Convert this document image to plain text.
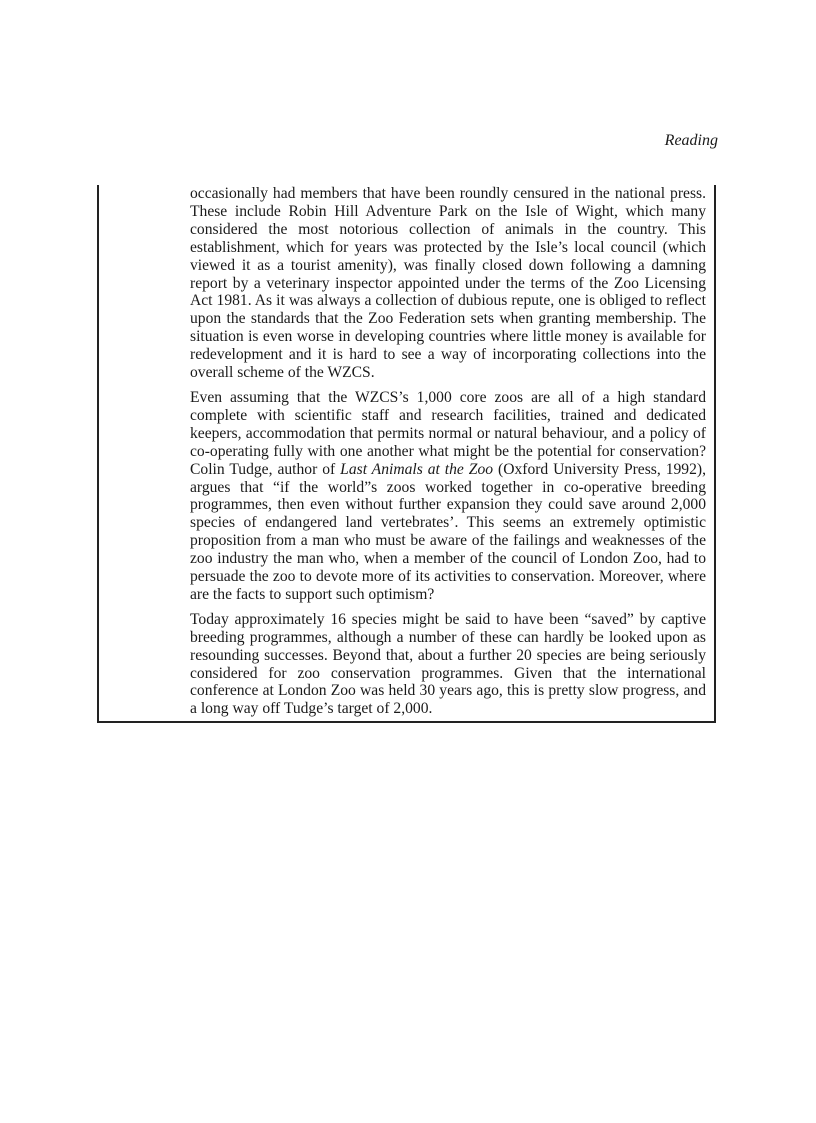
Reading

occasionally had members that have been roundly censured in the national press. These include Robin Hill Adventure Park on the Isle of Wight, which many considered the most notorious collection of animals in the country. This establishment, which for years was protected by the Isle’s local council (which viewed it as a tourist amenity), was finally closed down following a damning report by a veterinary inspector appointed under the terms of the Zoo Licensing Act 1981. As it was always a collection of dubious repute, one is obliged to reflect upon the standards that the Zoo Federation sets when granting membership. The situation is even worse in developing countries where little money is available for redevelopment and it is hard to see a way of incorporating collections into the overall scheme of the WZCS.

Even assuming that the WZCS’s 1,000 core zoos are all of a high standard complete with scientific staff and research facilities, trained and dedicated keepers, accommodation that permits normal or natural behaviour, and a policy of co-operating fully with one another what might be the potential for conservation? Colin Tudge, author of Last Animals at the Zoo (Oxford University Press, 1992), argues that “if the world”s zoos worked together in co-operative breeding programmes, then even without further expansion they could save around 2,000 species of endangered land vertebrates’. This seems an extremely optimistic proposition from a man who must be aware of the failings and weaknesses of the zoo industry the man who, when a member of the council of London Zoo, had to persuade the zoo to devote more of its activities to conservation. Moreover, where are the facts to support such optimism?

Today approximately 16 species might be said to have been “saved” by captive breeding programmes, although a number of these can hardly be looked upon as resounding successes. Beyond that, about a further 20 species are being seriously considered for zoo conservation programmes. Given that the international conference at London Zoo was held 30 years ago, this is pretty slow progress, and a long way off Tudge’s target of 2,000.
